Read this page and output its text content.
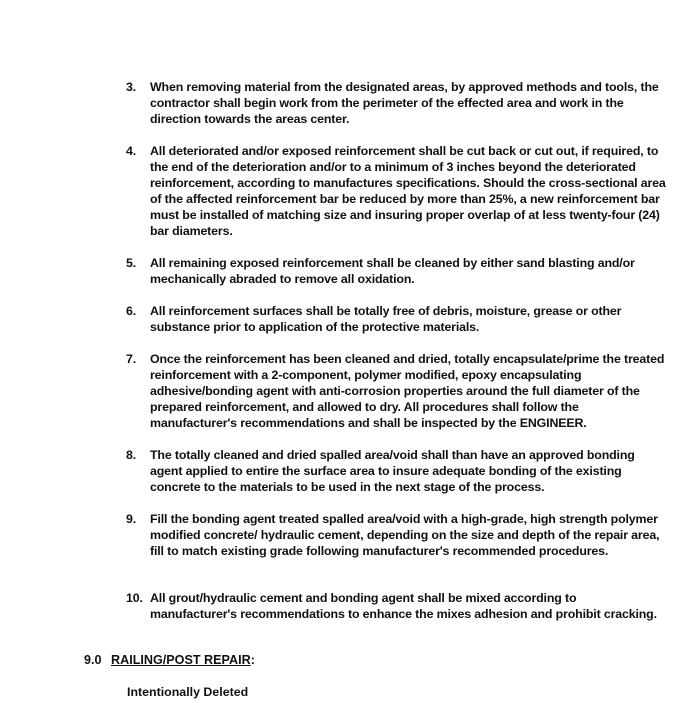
3.	When removing material from the designated areas, by approved methods and tools, the contractor shall begin work from the perimeter of the effected area and work in the direction towards the areas center.
4.	All deteriorated and/or exposed reinforcement shall be cut back or cut out, if required, to the end of the deterioration and/or to a minimum of 3 inches beyond the deteriorated reinforcement, according to manufactures specifications. Should the cross-sectional area of the affected reinforcement bar be reduced by more than 25%, a new reinforcement bar must be installed of matching size and insuring proper overlap of at less twenty-four (24) bar diameters.
5.	All remaining exposed reinforcement shall be cleaned by either sand blasting and/or mechanically abraded to remove all oxidation.
6.	All reinforcement surfaces shall be totally free of debris, moisture, grease or other substance prior to application of the protective materials.
7.	Once the reinforcement has been cleaned and dried, totally encapsulate/prime the treated reinforcement with a 2-component, polymer modified, epoxy encapsulating adhesive/bonding agent with anti-corrosion properties around the full diameter of the prepared reinforcement, and allowed to dry. All procedures shall follow the manufacturer's recommendations and shall be inspected by the ENGINEER.
8.	The totally cleaned and dried spalled area/void shall than have an approved bonding agent applied to entire the surface area to insure adequate bonding of the existing concrete to the materials to be used in the next stage of the process.
9.	Fill the bonding agent treated spalled area/void with a high-grade, high strength polymer modified concrete/ hydraulic cement, depending on the size and depth of the repair area, fill to match existing grade following manufacturer's recommended procedures.
10. All grout/hydraulic cement and bonding agent shall be mixed according to manufacturer's recommendations to enhance the mixes adhesion and prohibit cracking.
9.0 RAILING/POST REPAIR:
Intentionally Deleted
